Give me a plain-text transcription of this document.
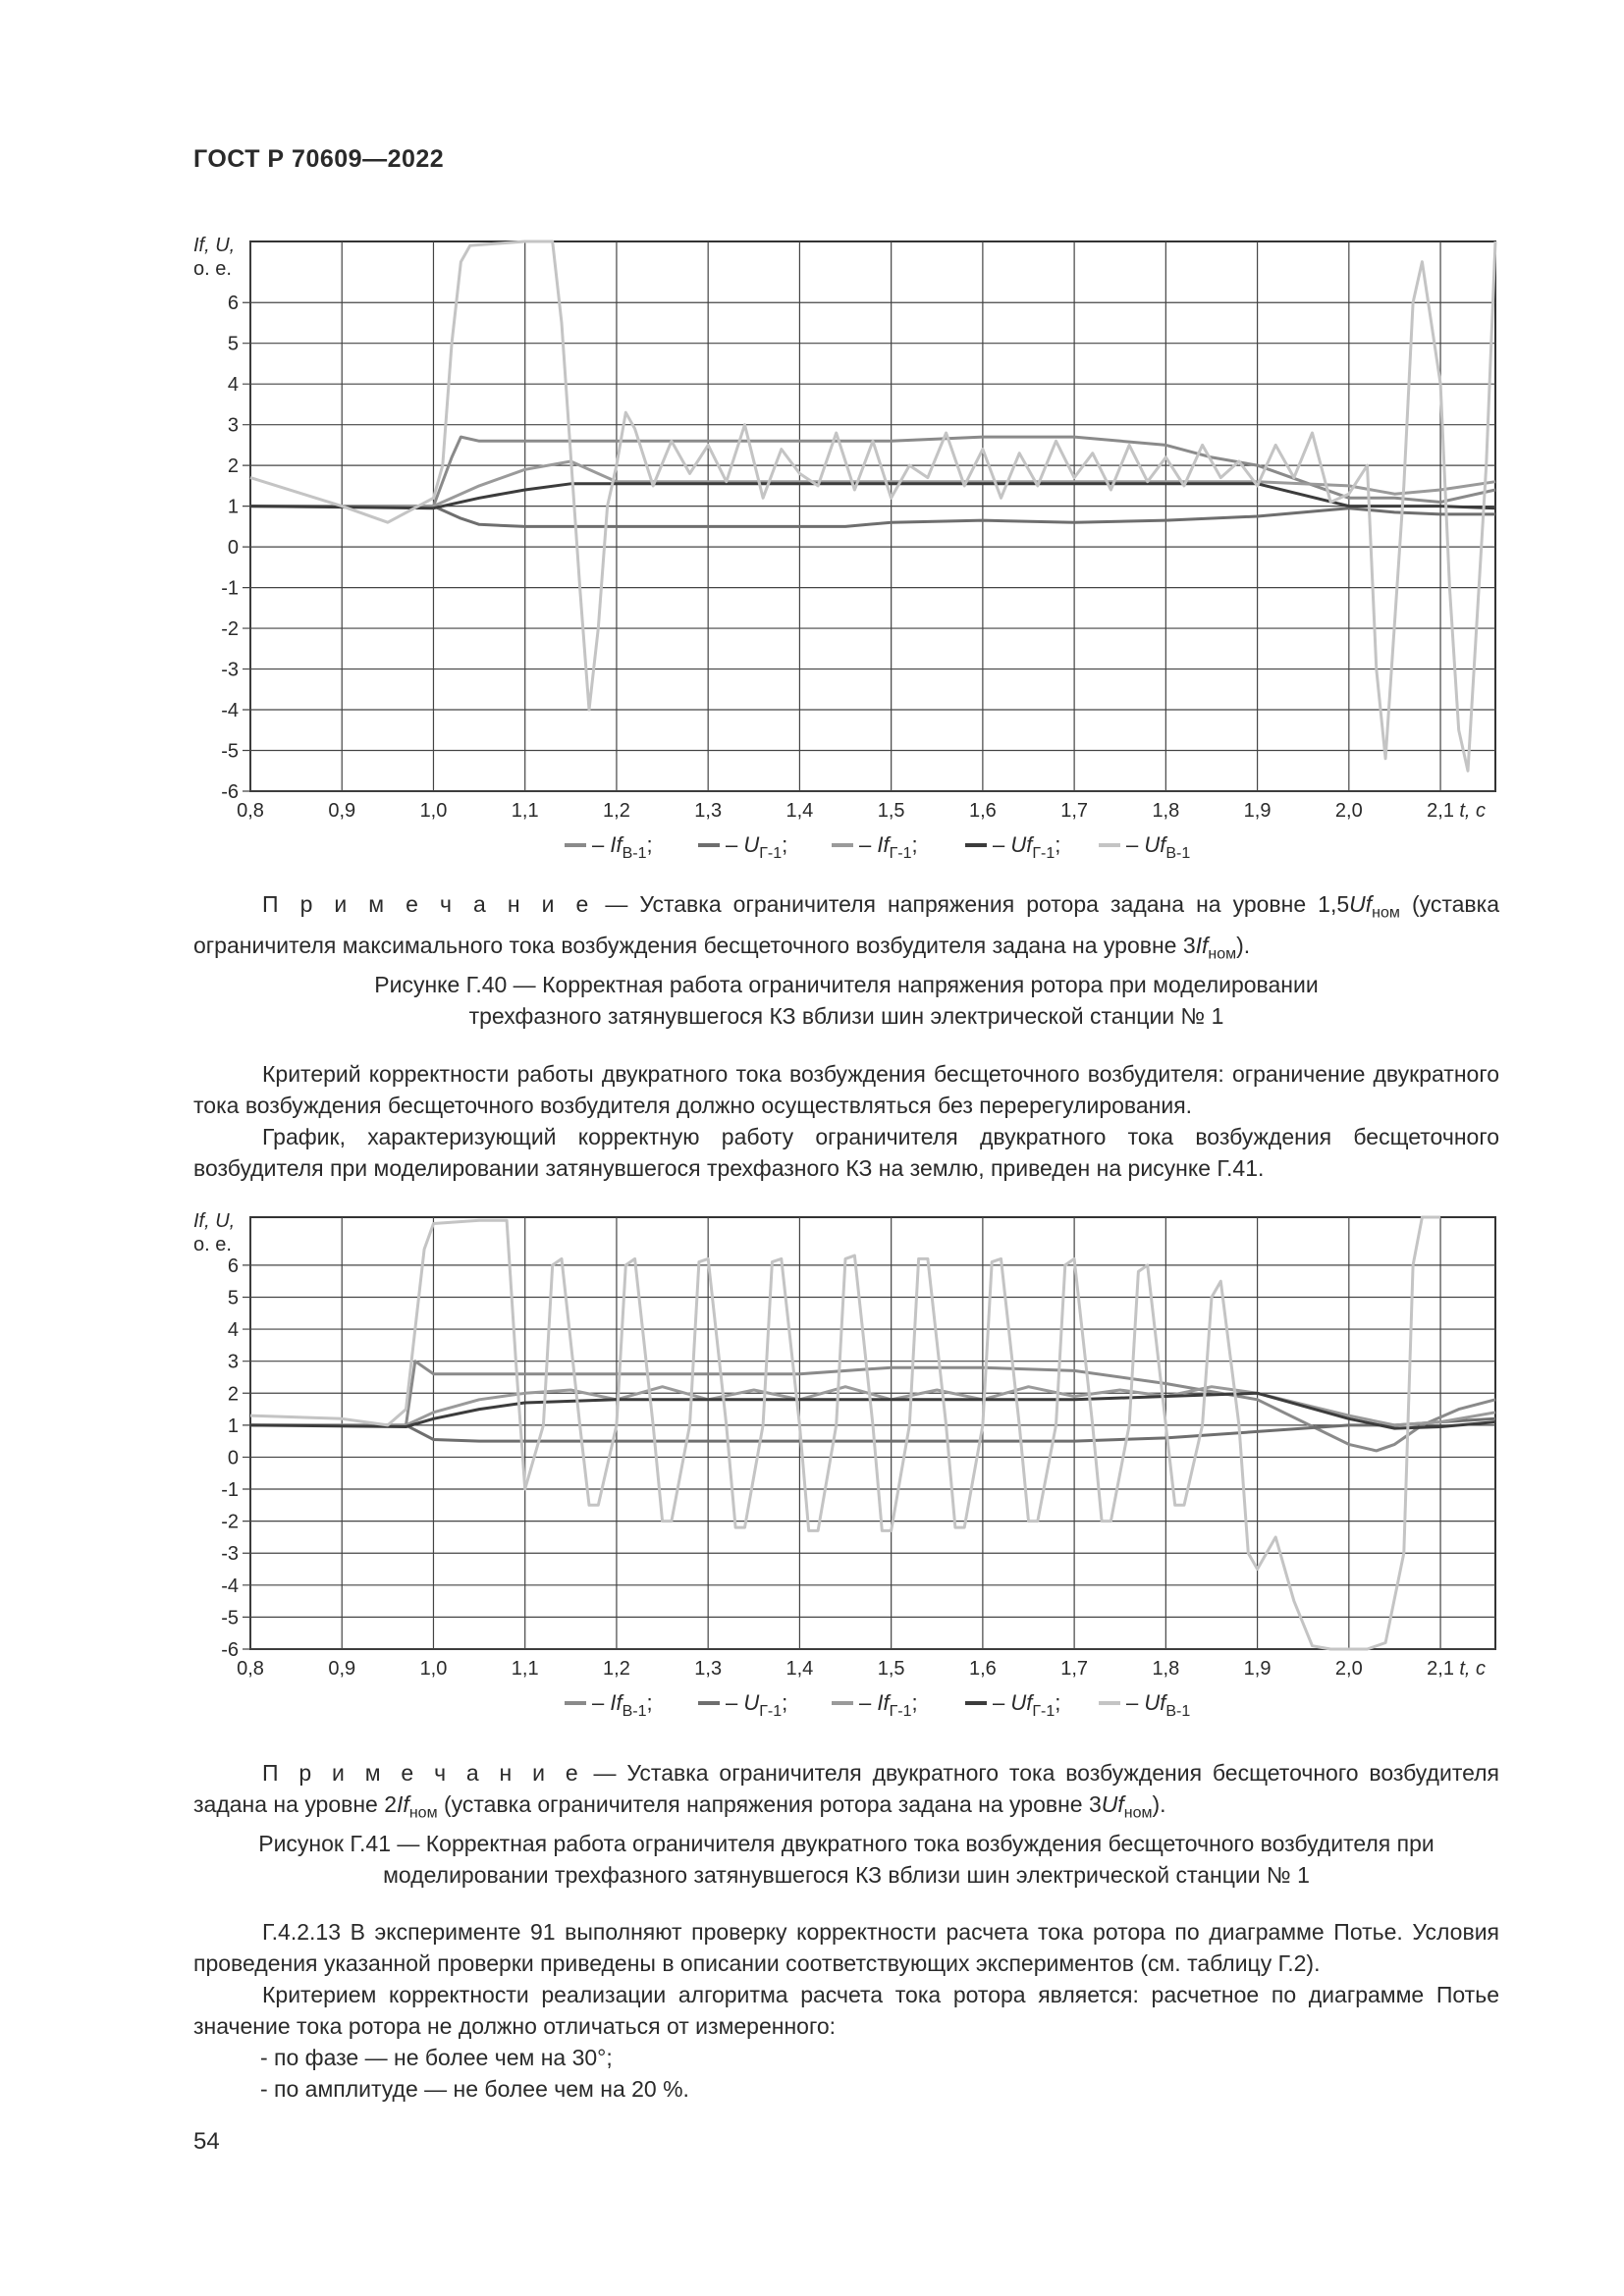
ГОСТ Р 70609—2022
0,8	0,9	1,0	1,1	1,2	1,3	1,4	1,5	1,6	1,7	1,8	1,9	2,0	2,1 t, с
6
5
4
3
2
1
0
-1
-2
-3
-4
-5
-6
If, U,
о. е.
– $If_{В-1}$;	– $U_{Г-1}$;	– $If_{Г-1}$;	– $Uf_{Г-1}$;	– $Uf_{В-1}$
П р и м е ч а н и е — Уставка ограничителя напряжения ротора задана на уровне $1,5Uf_{ном}$ (уставка ограничителя максимального тока возбуждения бесщеточного возбудителя задана на уровне $3If_{ном}$).
Рисунке Г.40 — Корректная работа ограничителя напряжения ротора при моделировании
трехфазного затянувшегося КЗ вблизи шин электрической станции № 1
Критерий корректности работы двукратного тока возбуждения бесщеточного возбудителя: ограничение двукратного тока возбуждения бесщеточного возбудителя должно осуществляться без перерегулирования.
График, характеризующий корректную работу ограничителя двукратного тока возбуждения бесщеточного возбудителя при моделировании затянувшегося трехфазного КЗ на землю, приведен на рисунке Г.41.
0,8	0,9	1,0	1,1	1,2	1,3	1,4	1,5	1,6	1,7	1,8	1,9	2,0	2,1 t, с
6
5
4
3
2
1
0
-1
-2
-3
-4
-5
-6
If, U,
о. е.
– $If_{В-1}$;	– $U_{Г-1}$;	– $If_{Г-1}$;	– $Uf_{Г-1}$;	– $Uf_{В-1}$
П р и м е ч а н и е — Уставка ограничителя двукратного тока возбуждения бесщеточного возбудителя задана на уровне $2If_{ном}$ (уставка ограничителя напряжения ротора задана на уровне $3Uf_{ном}$).
Рисунок Г.41 — Корректная работа ограничителя двукратного тока возбуждения бесщеточного возбудителя при
моделировании трехфазного затянувшегося КЗ вблизи шин электрической станции № 1
Г.4.2.13 В эксперименте 91 выполняют проверку корректности расчета тока ротора по диаграмме Потье. Условия проведения указанной проверки приведены в описании соответствующих экспериментов (см. таблицу Г.2).
Критерием корректности реализации алгоритма расчета тока ротора является: расчетное по диаграмме Потье значение тока ротора не должно отличаться от измеренного:
- по фазе — не более чем на 30°;
- по амплитуде — не более чем на 20 %.
54
